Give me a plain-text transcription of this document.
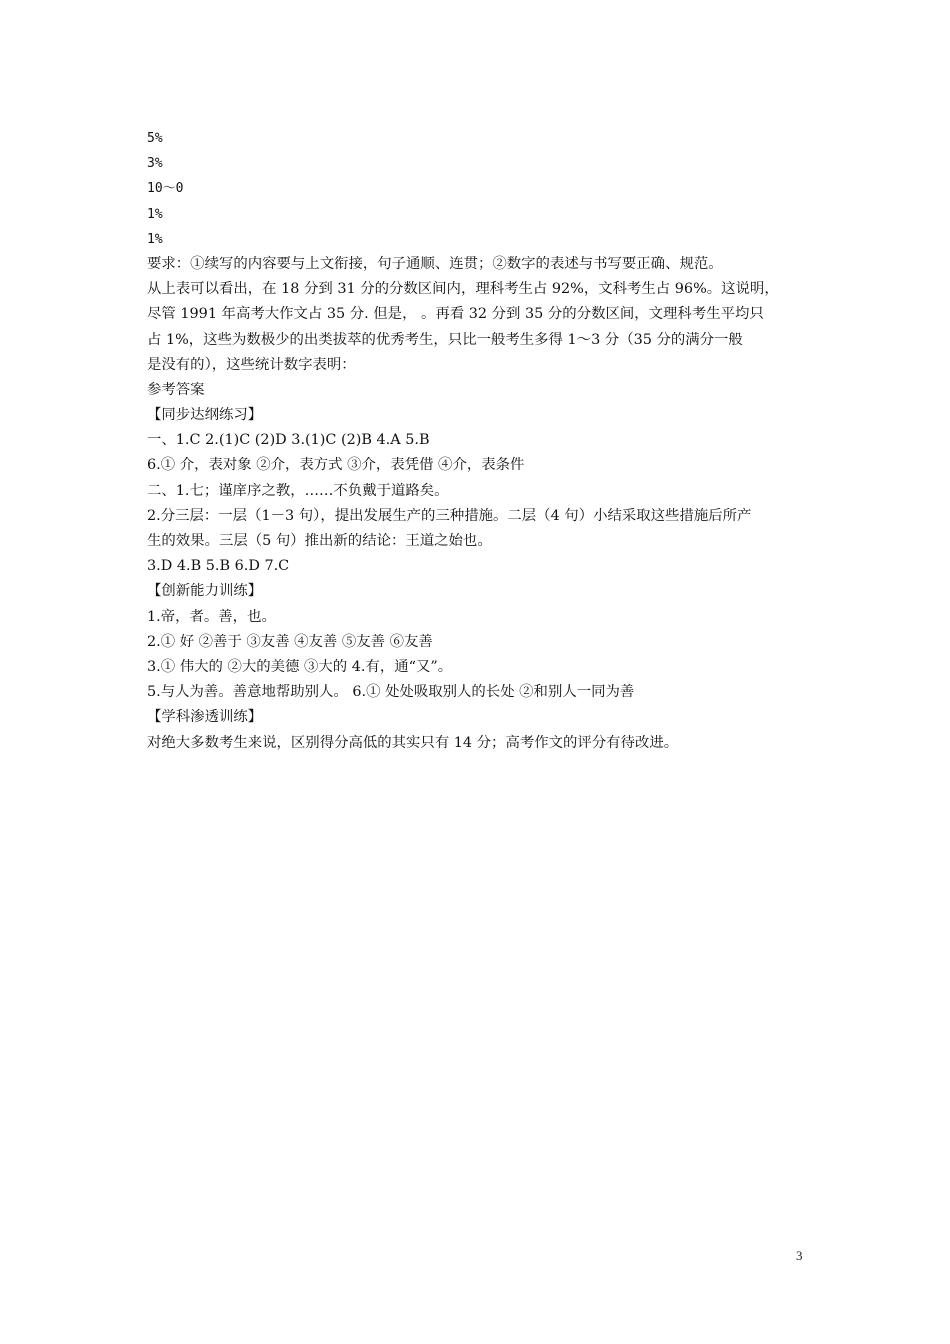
5%
3%
10～0
1%
1%
要求：①续写的内容要与上文衔接，句子通顺、连贯；②数字的表述与书写要正确、规范。
从上表可以看出，在 18 分到 31 分的分数区间内，理科考生占 92%，文科考生占 96%。这说明，
尽管 1991 年高考大作文占 35 分. 但是， 。再看 32 分到 35 分的分数区间，文理科考生平均只
占 1%，这些为数极少的出类拔萃的优秀考生，只比一般考生多得 1～3 分（35 分的满分一般
是没有的），这些统计数字表明：
参考答案
【同步达纲练习】
一、1.C 2.(1)C (2)D 3.(1)C (2)B 4.A 5.B
6.① 介，表对象 ②介，表方式 ③介，表凭借 ④介，表条件
二、1.七；谨庠序之教，……不负戴于道路矣。
2.分三层：一层（1－3 句），提出发展生产的三种措施。二层（4 句）小结采取这些措施后所产
生的效果。三层（5 句）推出新的结论：王道之始也。
3.D 4.B 5.B 6.D 7.C
【创新能力训练】
1.帝，者。善，也。
2.① 好 ②善于 ③友善 ④友善 ⑤友善 ⑥友善
3.① 伟大的 ②大的美德 ③大的 4.有，通“又”。
5.与人为善。善意地帮助别人。 6.① 处处吸取别人的长处 ②和别人一同为善
【学科渗透训练】
对绝大多数考生来说，区别得分高低的其实只有 14 分；高考作文的评分有待改进。
3
